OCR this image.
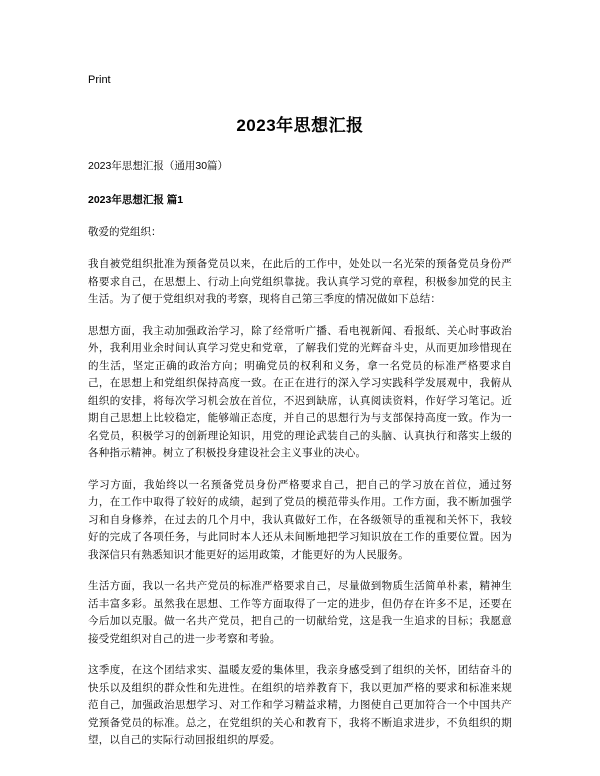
Print
2023年思想汇报
2023年思想汇报（通用30篇）
2023年思想汇报 篇1
敬爱的党组织：

我自被党组织批准为预备党员以来，在此后的工作中，处处以一名光荣的预备党员身份严格要求自己，在思想上、行动上向党组织靠拢。我认真学习党的章程，积极参加党的民主生活。为了便于党组织对我的考察，现将自己第三季度的情况做如下总结：

思想方面，我主动加强政治学习，除了经常听广播、看电视新闻、看报纸、关心时事政治外，我利用业余时间认真学习党史和党章，了解我们党的光辉奋斗史，从而更加珍惜现在的生活，坚定正确的政治方向；明确党员的权利和义务，拿一名党员的标准严格要求自己，在思想上和党组织保持高度一致。在正在进行的深入学习实践科学发展观中，我俯从组织的安排，将每次学习机会放在首位，不迟到缺席，认真阅读资料，作好学习笔记。近期自己思想上比较稳定，能够端正态度，并自己的思想行为与支部保持高度一致。作为一名党员，积极学习的创新理论知识，用党的理论武装自己的头脑、认真执行和落实上级的各种指示精神。树立了积极投身建设社会主义事业的决心。

学习方面，我始终以一名预备党员身份严格要求自己，把自己的学习放在首位，通过努力，在工作中取得了较好的成绩，起到了党员的模范带头作用。工作方面，我不断加强学习和自身修养，在过去的几个月中，我认真做好工作，在各级领导的重视和关怀下，我较好的完成了各项任务，与此同时本人还从未间断地把学习知识放在工作的重要位置。因为我深信只有熟悉知识才能更好的运用政策，才能更好的为人民服务。

生活方面，我以一名共产党员的标准严格要求自己，尽量做到物质生活简单朴素，精神生活丰富多彩。虽然我在思想、工作等方面取得了一定的进步，但仍存在许多不足，还要在今后加以克服。做一名共产党员，把自己的一切献给党，这是我一生追求的目标；我愿意接受党组织对自己的进一步考察和考验。

这季度，在这个团结求实、温暖友爱的集体里，我亲身感受到了组织的关怀，团结奋斗的快乐以及组织的群众性和先进性。在组织的培养教育下，我以更加严格的要求和标准来规范自己，加强政治思想学习、对工作和学习精益求精，力图使自己更加符合一个中国共产党预备党员的标准。总之，在党组织的关心和教育下，我将不断追求进步，不负组织的期望，以自己的实际行动回报组织的厚爱。
